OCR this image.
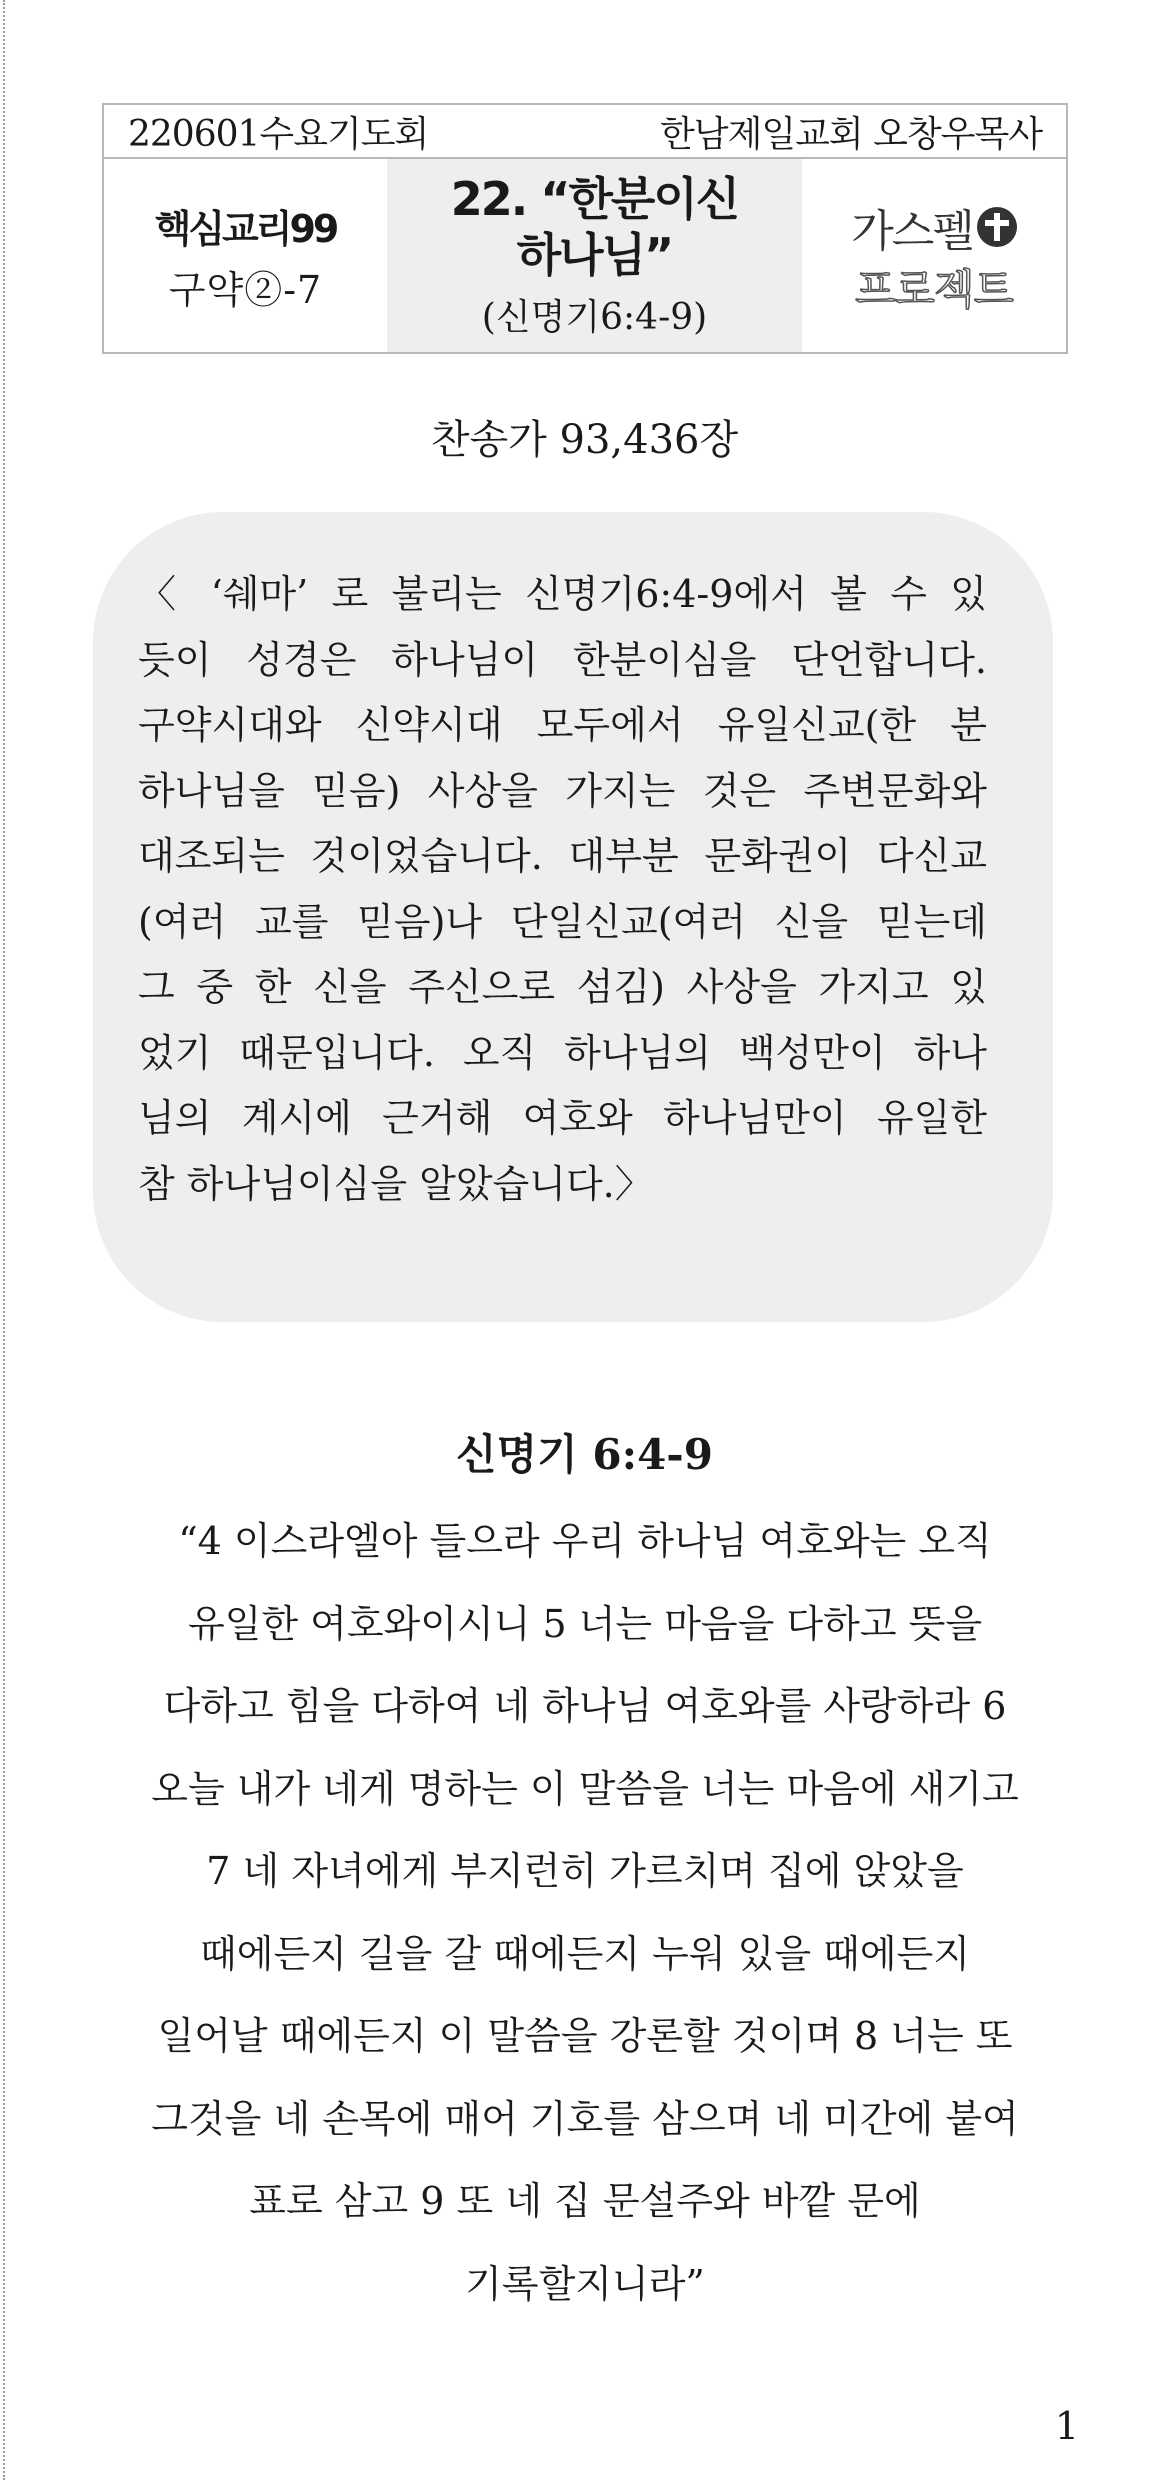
220601수요기도회	한남제일교회 오창우목사
핵심교리99
구약②-7
22. “한분이신
하나님”
(신명기6:4-9)
가스펠
프로젝트
찬송가 93,436장
〈 ‘쉐마’ 로 불리는 신명기6:4-9에서 볼 수 있
듯이 성경은 하나님이 한분이심을 단언합니다.
구약시대와 신약시대 모두에서 유일신교(한 분
하나님을 믿음) 사상을 가지는 것은 주변문화와
대조되는 것이었습니다. 대부분 문화권이 다신교
(여러 교를 믿음)나 단일신교(여러 신을 믿는데
그 중 한 신을 주신으로 섬김) 사상을 가지고 있
었기 때문입니다. 오직 하나님의 백성만이 하나
님의 계시에 근거해 여호와 하나님만이 유일한
참 하나님이심을 알았습니다.〉
신명기 6:4-9
“4 이스라엘아 들으라 우리 하나님 여호와는 오직
유일한 여호와이시니 5 너는 마음을 다하고 뜻을
다하고 힘을 다하여 네 하나님 여호와를 사랑하라 6
오늘 내가 네게 명하는 이 말씀을 너는 마음에 새기고
7 네 자녀에게 부지런히 가르치며 집에 앉았을
때에든지 길을 갈 때에든지 누워 있을 때에든지
일어날 때에든지 이 말씀을 강론할 것이며 8 너는 또
그것을 네 손목에 매어 기호를 삼으며 네 미간에 붙여
표로 삼고 9 또 네 집 문설주와 바깥 문에
기록할지니라”
1
